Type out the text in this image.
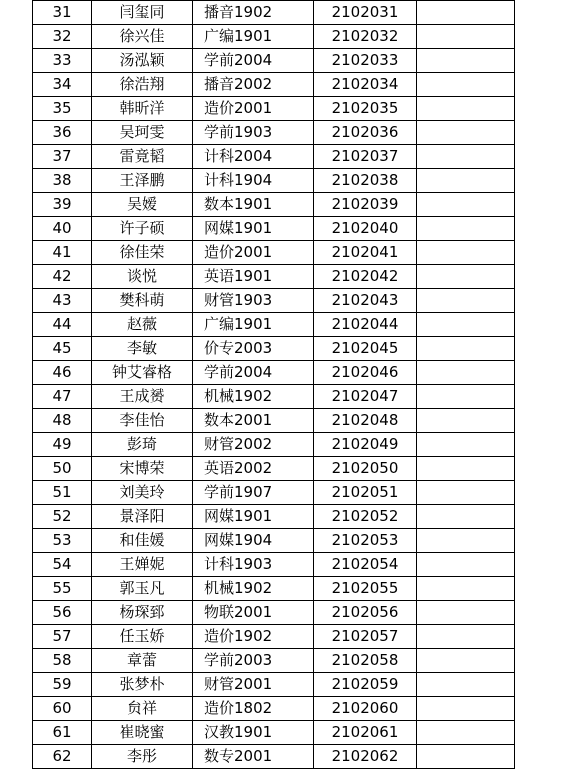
31	闫玺同	播音1902	2102031	
32	徐兴佳	广编1901	2102032	
33	汤泓颖	学前2004	2102033	
34	徐浩翔	播音2002	2102034	
35	韩昕洋	造价2001	2102035	
36	吴珂雯	学前1903	2102036	
37	雷竟韬	计科2004	2102037	
38	王泽鹏	计科1904	2102038	
39	吴嫒	数本1901	2102039	
40	许子硕	网媒1901	2102040	
41	徐佳荣	造价2001	2102041	
42	谈悦	英语1901	2102042	
43	樊科萌	财管1903	2102043	
44	赵薇	广编1901	2102044	
45	李敏	价专2003	2102045	
46	钟艾睿格	学前2004	2102046	
47	王成赟	机械1902	2102047	
48	李佳怡	数本2001	2102048	
49	彭琦	财管2002	2102049	
50	宋博荣	英语2002	2102050	
51	刘美玲	学前1907	2102051	
52	景泽阳	网媒1901	2102052	
53	和佳媛	网媒1904	2102053	
54	王婵妮	计科1903	2102054	
55	郭玉凡	机械1902	2102055	
56	杨琛郅	物联2001	2102056	
57	任玉娇	造价1902	2102057	
58	章蕾	学前2003	2102058	
59	张梦朴	财管2001	2102059	
60	贠祥	造价1802	2102060	
61	崔晓蜜	汉教1901	2102061	
62	李彤	数专2001	2102062	
